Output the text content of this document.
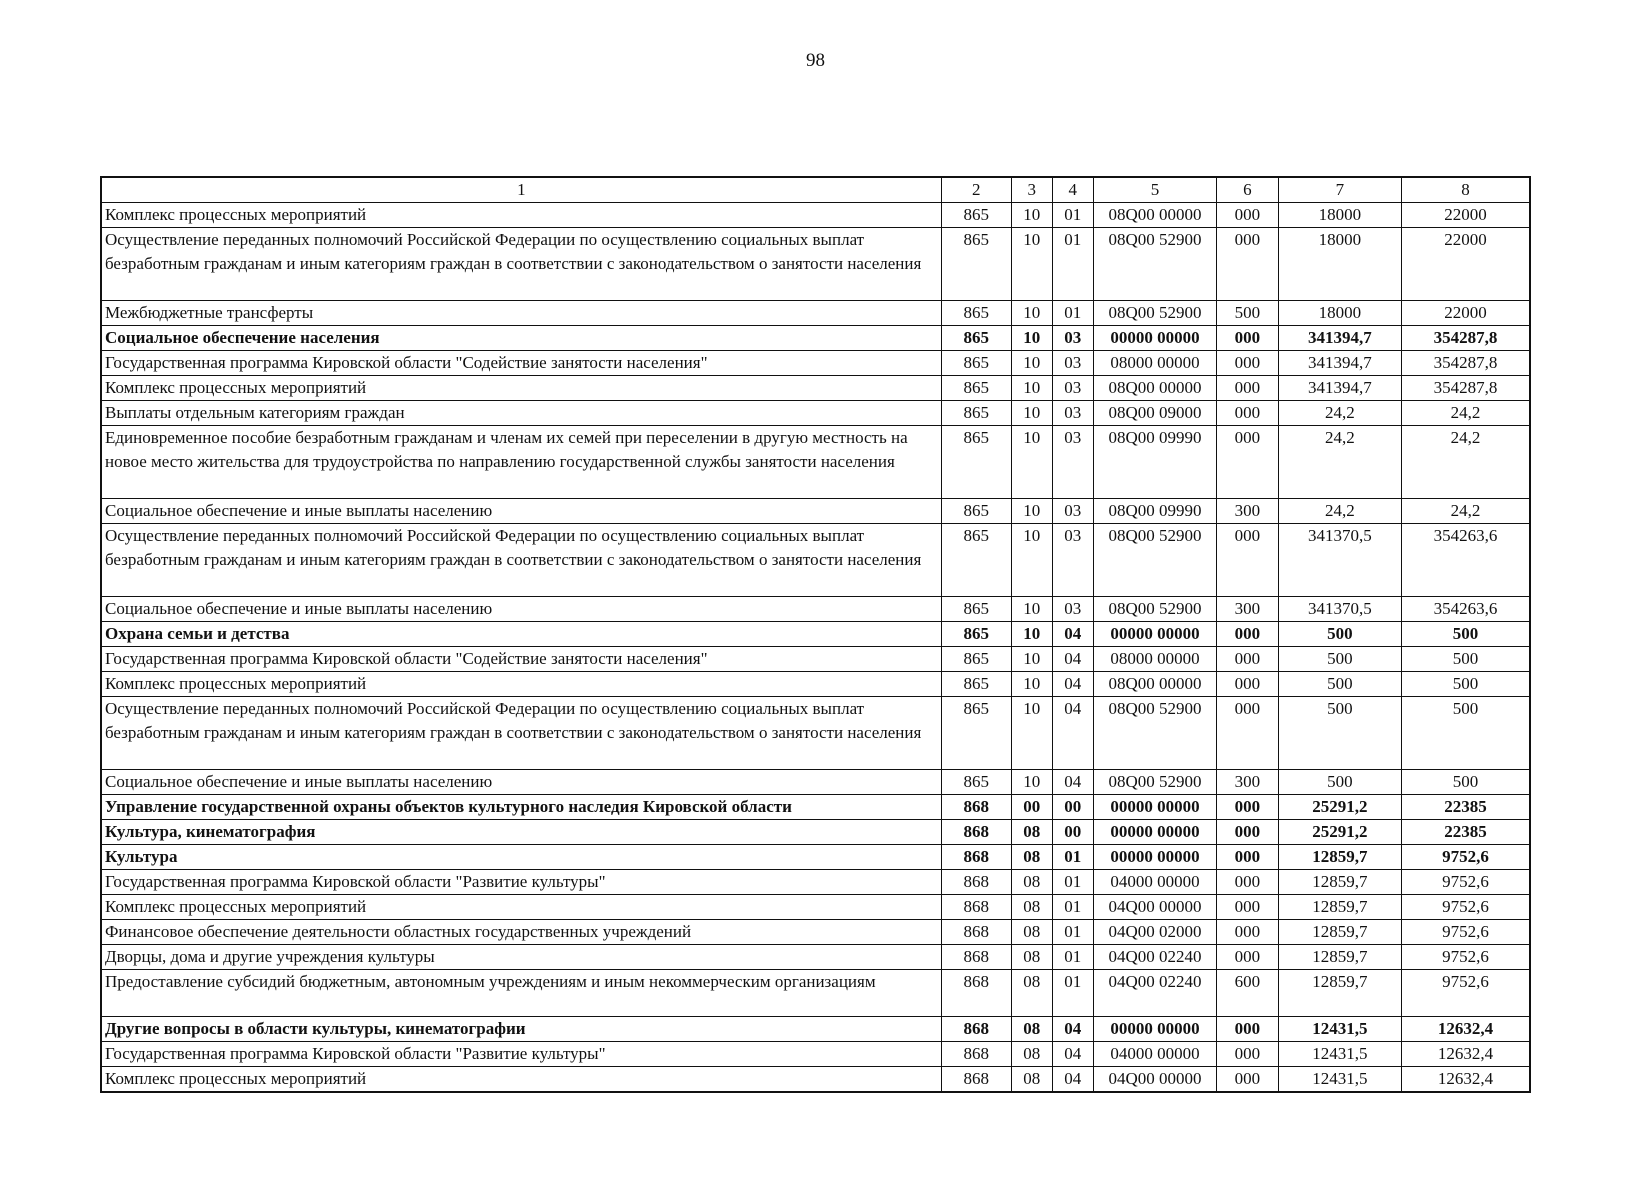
98
1	2	3	4	5	6	7	8
Комплекс процессных мероприятий	865	10	01	08Q00 00000	000	18000	22000
Осуществление переданных полномочий Российской Федерации по осуществлению социальных выплат безработным гражданам и иным категориям граждан в соответствии с законодательством о занятости населения	865	10	01	08Q00 52900	000	18000	22000
Межбюджетные трансферты	865	10	01	08Q00 52900	500	18000	22000
Социальное обеспечение населения	865	10	03	00000 00000	000	341394,7	354287,8
Государственная программа Кировской области "Содействие занятости населения"	865	10	03	08000 00000	000	341394,7	354287,8
Комплекс процессных мероприятий	865	10	03	08Q00 00000	000	341394,7	354287,8
Выплаты отдельным категориям граждан	865	10	03	08Q00 09000	000	24,2	24,2
Единовременное пособие безработным гражданам и членам их семей при переселении в другую местность на новое место жительства для трудоустройства по направлению государственной службы занятости населения	865	10	03	08Q00 09990	000	24,2	24,2
Социальное обеспечение и иные выплаты населению	865	10	03	08Q00 09990	300	24,2	24,2
Осуществление переданных полномочий Российской Федерации по осуществлению социальных выплат безработным гражданам и иным категориям граждан в соответствии с законодательством о занятости населения	865	10	03	08Q00 52900	000	341370,5	354263,6
Социальное обеспечение и иные выплаты населению	865	10	03	08Q00 52900	300	341370,5	354263,6
Охрана семьи и детства	865	10	04	00000 00000	000	500	500
Государственная программа Кировской области "Содействие занятости населения"	865	10	04	08000 00000	000	500	500
Комплекс процессных мероприятий	865	10	04	08Q00 00000	000	500	500
Осуществление переданных полномочий Российской Федерации по осуществлению социальных выплат безработным гражданам и иным категориям граждан в соответствии с законодательством о занятости населения	865	10	04	08Q00 52900	000	500	500
Социальное обеспечение и иные выплаты населению	865	10	04	08Q00 52900	300	500	500
Управление государственной охраны объектов культурного наследия Кировской области	868	00	00	00000 00000	000	25291,2	22385
Культура, кинематография	868	08	00	00000 00000	000	25291,2	22385
Культура	868	08	01	00000 00000	000	12859,7	9752,6
Государственная программа Кировской области "Развитие культуры"	868	08	01	04000 00000	000	12859,7	9752,6
Комплекс процессных мероприятий	868	08	01	04Q00 00000	000	12859,7	9752,6
Финансовое обеспечение деятельности областных государственных учреждений	868	08	01	04Q00 02000	000	12859,7	9752,6
Дворцы, дома и другие учреждения культуры	868	08	01	04Q00 02240	000	12859,7	9752,6
Предоставление субсидий бюджетным, автономным учреждениям и иным некоммерческим организациям	868	08	01	04Q00 02240	600	12859,7	9752,6
Другие вопросы в области культуры, кинематографии	868	08	04	00000 00000	000	12431,5	12632,4
Государственная программа Кировской области "Развитие культуры"	868	08	04	04000 00000	000	12431,5	12632,4
Комплекс процессных мероприятий	868	08	04	04Q00 00000	000	12431,5	12632,4
